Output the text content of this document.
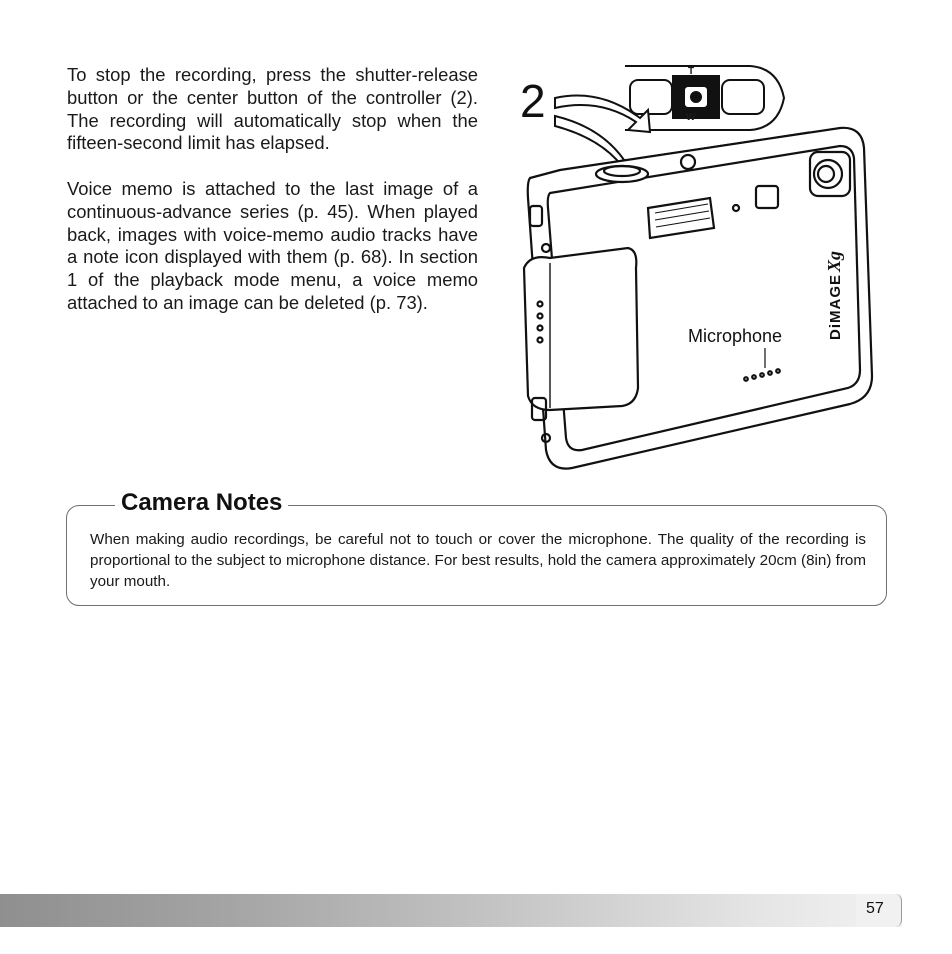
To stop the recording, press the shutter-release button or the center button of the controller (2). The recording will automatically stop when the fifteen-second limit has elapsed.

Voice memo is attached to the last image of a continuous-advance series (p. 45). When played back, images with voice-memo audio tracks have a note icon displayed with them (p. 68). In section 1 of the playback mode menu, a voice memo attached to an image can be deleted (p. 73).	DiMAGE
Xg
2
T
W
Microphone
Camera Notes
When making audio recordings, be careful not to touch or cover the microphone. The quality of the recording is proportional to the subject to microphone distance. For best results, hold the camera approximately 20cm (8in) from your mouth.
57
